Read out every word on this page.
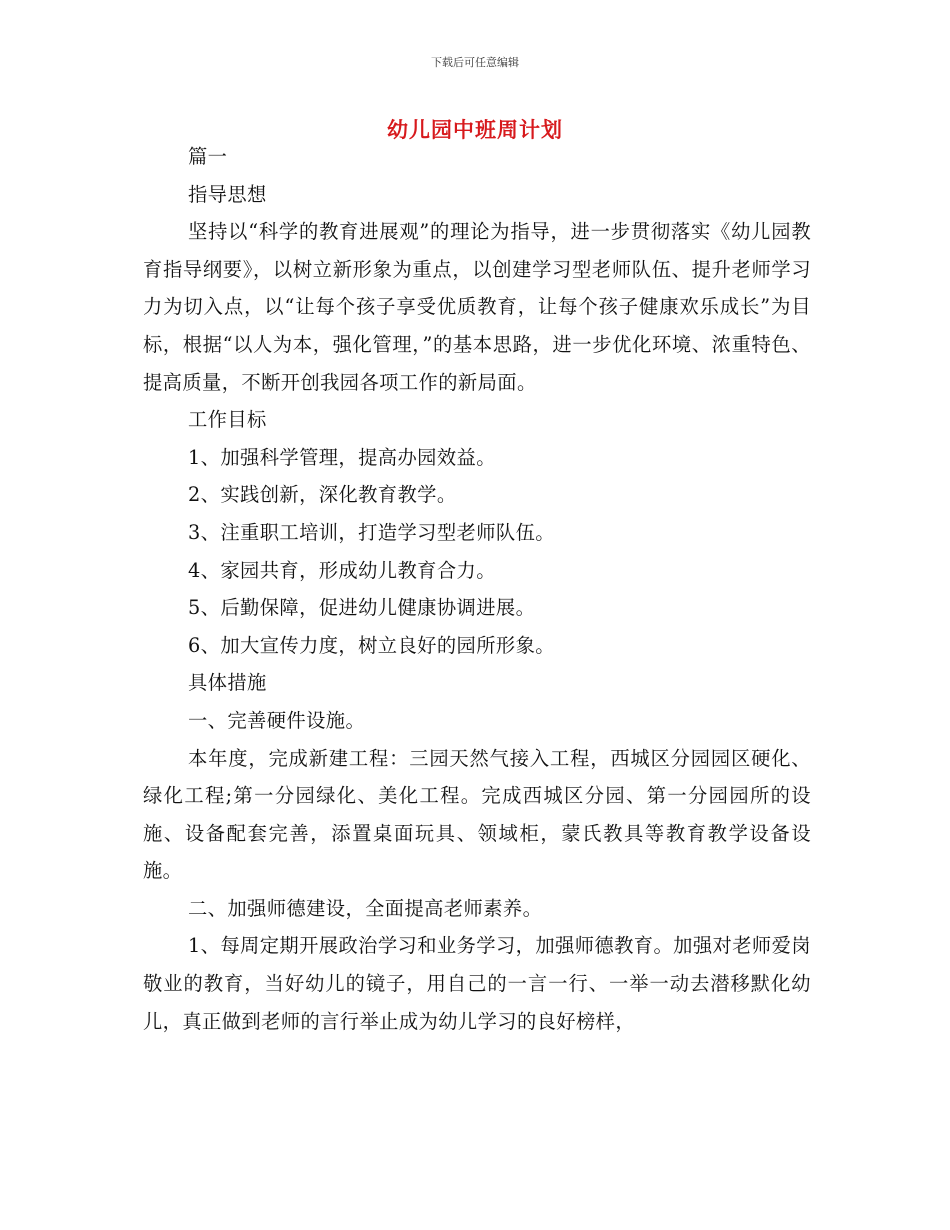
下载后可任意编辑
幼儿园中班周计划

篇一

指导思想

坚持以“科学的教育进展观”的理论为指导，进一步贯彻落实《幼儿园教育指导纲要》，以树立新形象为重点，以创建学习型老师队伍、提升老师学习力为切入点，以“让每个孩子享受优质教育，让每个孩子健康欢乐成长”为目标，根据“以人为本，强化管理，”的基本思路，进一步优化环境、浓重特色、提高质量，不断开创我园各项工作的新局面。

工作目标

1、加强科学管理，提高办园效益。

2、实践创新，深化教育教学。

3、注重职工培训，打造学习型老师队伍。

4、家园共育，形成幼儿教育合力。

5、后勤保障，促进幼儿健康协调进展。

6、加大宣传力度，树立良好的园所形象。

具体措施

一、完善硬件设施。

本年度，完成新建工程：三园天然气接入工程，西城区分园园区硬化、绿化工程;第一分园绿化、美化工程。完成西城区分园、第一分园园所的设施、设备配套完善，添置桌面玩具、领域柜，蒙氏教具等教育教学设备设施。

二、加强师德建设，全面提高老师素养。

1、每周定期开展政治学习和业务学习，加强师德教育。加强对老师爱岗敬业的教育，当好幼儿的镜子，用自己的一言一行、一举一动去潜移默化幼儿，真正做到老师的言行举止成为幼儿学习的良好榜样，
